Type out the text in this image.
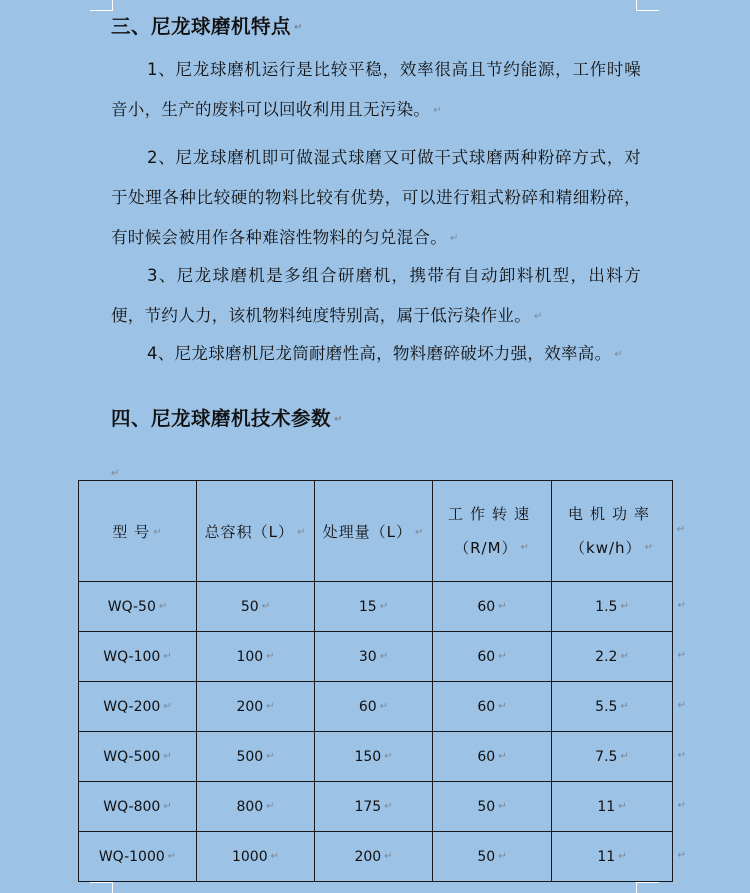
三、尼龙球磨机特点 ↵

1、尼龙球磨机运行是比较平稳，效率很高且节约能源，工作时噪音小，生产的废料可以回收利用且无污染。 ↵

2、尼龙球磨机即可做湿式球磨又可做干式球磨两种粉碎方式，对于处理各种比较硬的物料比较有优势，可以进行粗式粉碎和精细粉碎，有时候会被用作各种难溶性物料的匀兑混合。 ↵

3、尼龙球磨机是多组合研磨机，携带有自动卸料机型，出料方便，节约人力，该机物料纯度特别高，属于低污染作业。 ↵

4、尼龙球磨机尼龙筒耐磨性高，物料磨碎破坏力强，效率高。 ↵

四、尼龙球磨机技术参数 ↵
↵
型 号 ↵	总容积（L） ↵	处理量（L） ↵	工作转速
（R/M） ↵	电机功率
（kw/h） ↵
↵

WQ-50 ↵	50 ↵	15 ↵	60 ↵	1.5 ↵ ↵

WQ-100 ↵	100 ↵	30 ↵	60 ↵	2.2 ↵ ↵

WQ-200 ↵	200 ↵	60 ↵	60 ↵	5.5 ↵ ↵

WQ-500 ↵	500 ↵	150 ↵	60 ↵	7.5 ↵ ↵

WQ-800 ↵	800 ↵	175 ↵	50 ↵	11 ↵ ↵

WQ-1000 ↵	1000 ↵	200 ↵	50 ↵	11 ↵ ↵
